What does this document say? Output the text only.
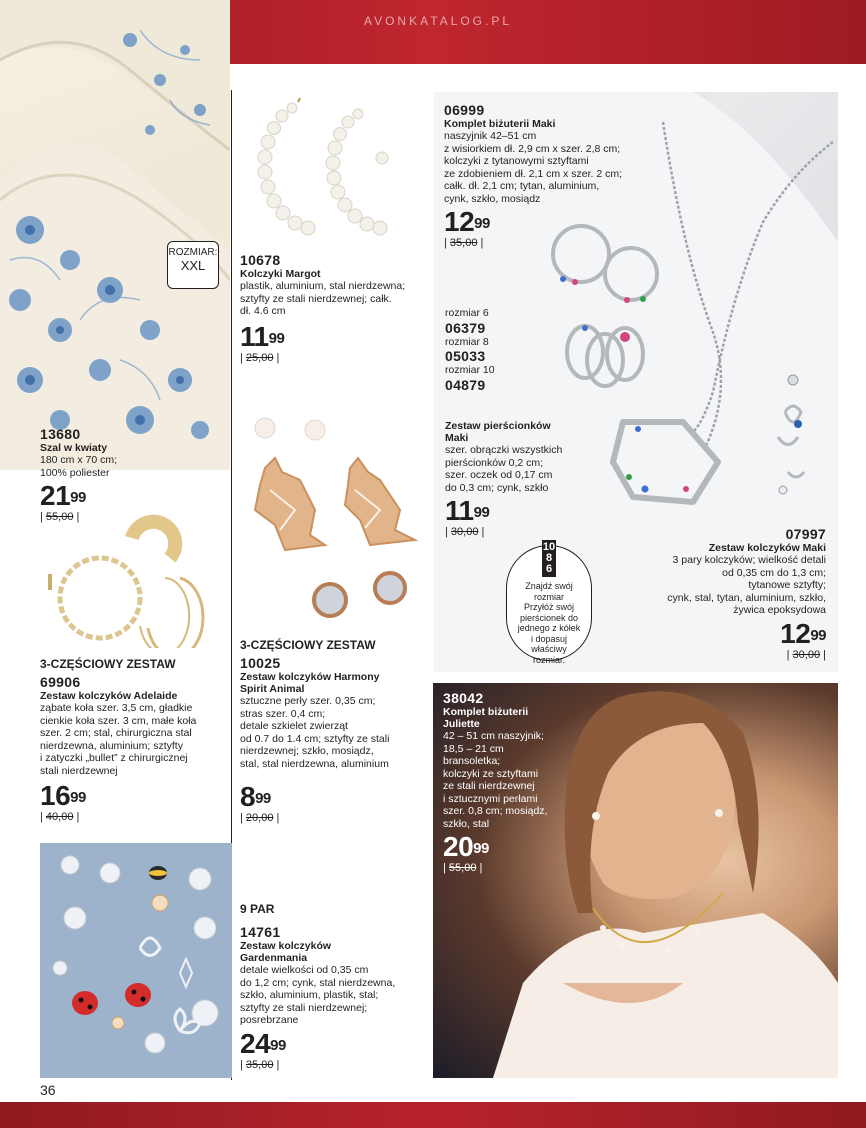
AVONKATALOG.PL
36
ROZMIAR:
XXL
13680
Szal w kwiaty
180 cm x 70 cm;
100% poliester
$21^{99}$
| 55,00 |
10678
Kolczyki Margot
plastik, aluminium, stal nierdzewna;
sztyfty ze stali nierdzewnej; całk.
dł. 4.6 cm
$11^{99}$
| 25,00 |
06999
Komplet biżuterii Maki
naszyjnik 42–51 cm
z wisiorkiem dł. 2,9 cm x szer. 2,8 cm;
kolczyki z tytanowymi sztyftami
ze zdobieniem dł. 2,1 cm x szer. 2 cm;
całk. dł. 2,1 cm; tytan, aluminium,
cynk, szkło, mosiądz
$12^{99}$
| 35,00 |
rozmiar 6
06379
rozmiar 8
05033
rozmiar 10
04879
Zestaw pierścionków
Maki
szer. obrączki wszystkich
pierścionków 0,2 cm;
szer. oczek od 0,17 cm
do 0,3 cm; cynk, szkło
$11^{99}$
| 30,00 |
10 8 6
Znajdź swój
rozmiar
Przyłóż swój
pierścionek do
jednego z kółek
i dopasuj
właściwy
rozmiar.
07997
Zestaw kolczyków Maki
3 pary kolczyków; wielkość detali
od 0,35 cm do 1,3 cm;
tytanowe sztyfty;
cynk, stal, tytan, aluminium, szkło,
żywica epoksydowa
$12^{99}$
| 30,00 |
3-CZĘŚCIOWY ZESTAW
69906
Zestaw kolczyków Adelaide
ząbate koła szer. 3,5 cm, gładkie
cienkie koła szer. 3 cm, małe koła
szer. 2 cm; stal, chirurgiczna stal
nierdzewna, aluminium; sztyfty
i zatyczki „bullet” z chirurgicznej
stali nierdzewnej
$16^{99}$
| 40,00 |
3-CZĘŚCIOWY ZESTAW
10025
Zestaw kolczyków Harmony
Spirit Animal
sztuczne perły szer. 0,35 cm;
stras szer. 0,4 cm;
detale szkielet zwierząt
od 0.7 do 1.4 cm; sztyfty ze stali
nierdzewnej; szkło, mosiądz,
stal, stal nierdzewna, aluminium
$8^{99}$
| 20,00 |
9 PAR
14761
Zestaw kolczyków
Gardenmania
detale wielkości od 0,35 cm
do 1,2 cm; cynk, stal nierdzewna,
szkło, aluminium, plastik, stal;
sztyfty ze stali nierdzewnej;
posrebrzane
$24^{99}$
| 35,00 |
38042
Komplet biżuterii
Juliette
42 – 51 cm naszyjnik;
18,5 – 21 cm
bransoletka;
kolczyki ze sztyftami
ze stali nierdzewnej
i sztucznymi perłami
szer. 0,8 cm; mosiądz,
szkło, stal
$20^{99}$
| 55,00 |
